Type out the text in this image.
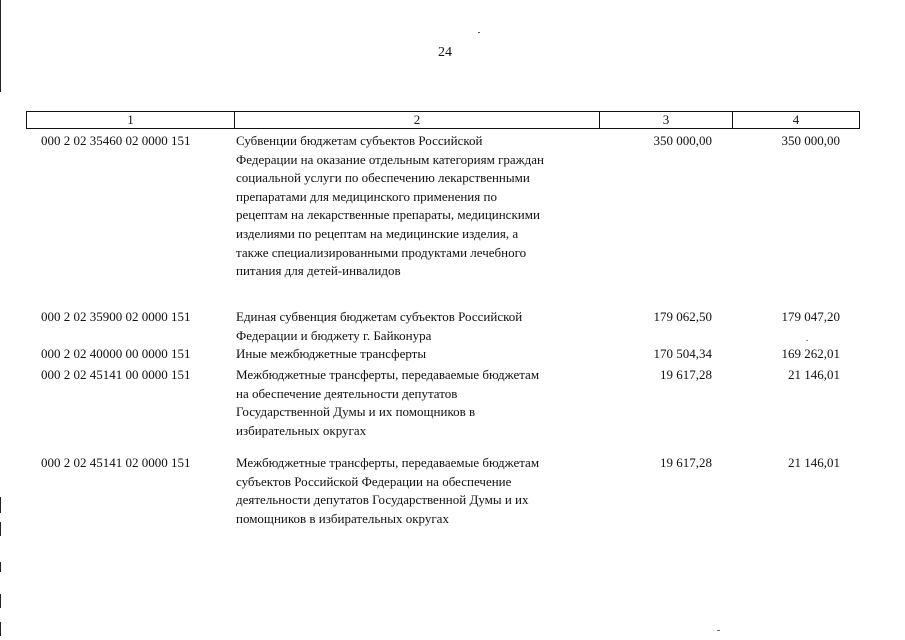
24
1	2	3	4
000 2 02 35460 02 0000 151	Субвенции бюджетам субъектов Российской
Федерации на оказание отдельным категориям граждан
социальной услуги по обеспечению лекарственными
препаратами для медицинского применения по
рецептам на лекарственные препараты, медицинскими
изделиями по рецептам на медицинские изделия, а
также специализированными продуктами лечебного
питания для детей-инвалидов
350 000,00	350 000,00
000 2 02 35900 02 0000 151	Единая субвенция бюджетам субъектов Российской
Федерации и бюджету г. Байконура
179 062,50	179 047,20
000 2 02 40000 00 0000 151	Иные межбюджетные трансферты	170 504,34	169 262,01
000 2 02 45141 00 0000 151	Межбюджетные трансферты, передаваемые бюджетам
на обеспечение деятельности депутатов
Государственной Думы и их помощников в
избирательных округах
19 617,28	21 146,01
000 2 02 45141 02 0000 151	Межбюджетные трансферты, передаваемые бюджетам
субъектов Российской Федерации на обеспечение
деятельности депутатов Государственной Думы и их
помощников в избирательных округах
19 617,28	21 146,01
